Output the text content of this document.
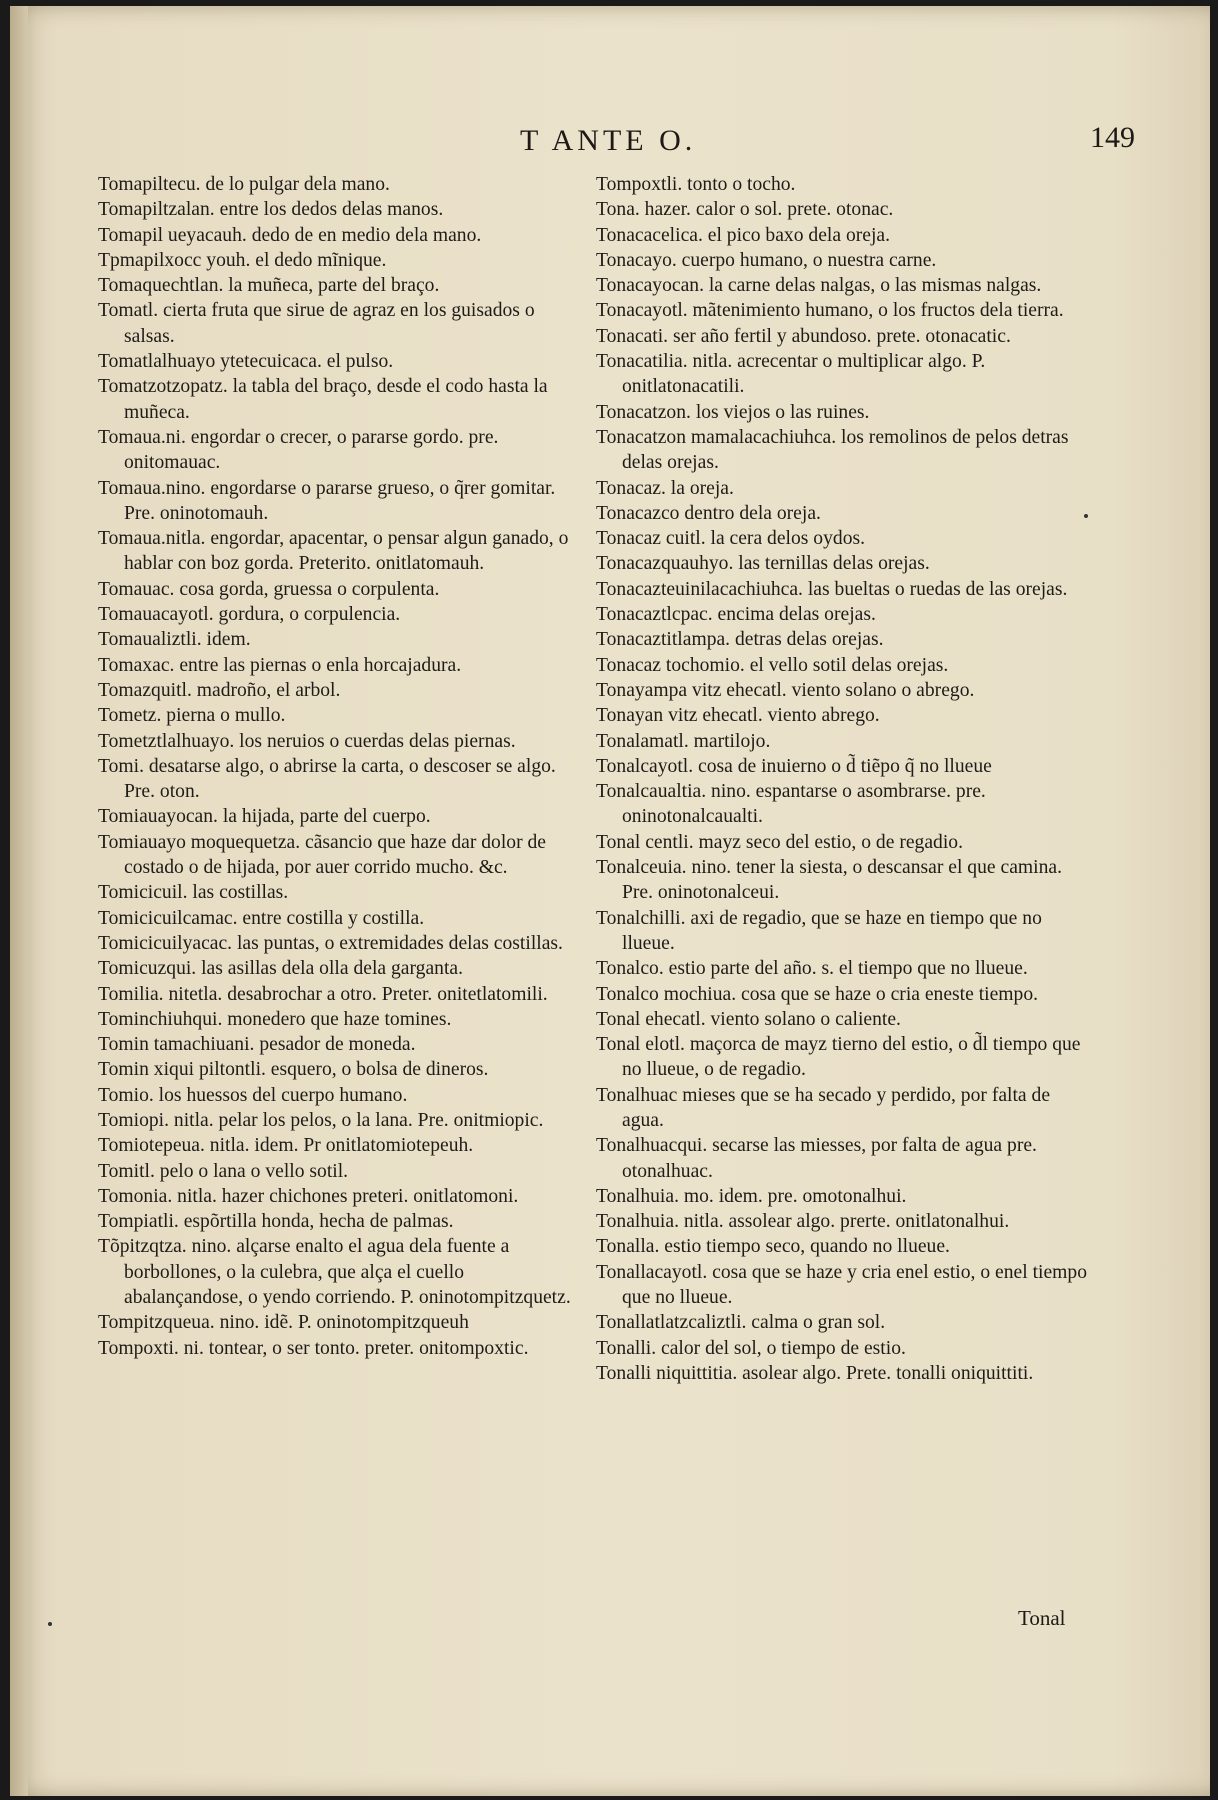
T ANTE O.	149
Tomapiltecu. de lo pulgar dela mano.
Tomapiltzalan. entre los dedos delas manos.
Tomapil ueyacauh. dedo de en medio dela mano.
Tpmapilxocc youh. el dedo mĩnique.
Tomaquechtlan. la muñeca, parte del braço.
Tomatl. cierta fruta que sirue de agraz en los guisados o salsas.
Tomatlalhuayo ytetecuicaca. el pulso.
Tomatzotzopatz. la tabla del braço, desde el codo hasta la muñeca.
Tomaua.ni. engordar o crecer, o pararse gordo. pre. onitomauac.
Tomaua.nino. engordarse o pararse grueso, o q̃rer gomitar. Pre. oninotomauh.
Tomaua.nitla. engordar, apacentar, o pensar algun ganado, o hablar con boz gorda. Preterito. onitlatomauh.
Tomauac. cosa gorda, gruessa o corpulenta.
Tomauacayotl. gordura, o corpulencia.
Tomaualiztli. idem.
Tomaxac. entre las piernas o enla horcajadura.
Tomazquitl. madroño, el arbol.
Tometz. pierna o mullo.
Tometztlalhuayo. los neruios o cuerdas delas piernas.
Tomi. desatarse algo, o abrirse la carta, o descoser se algo. Pre. oton.
Tomiauayocan. la hijada, parte del cuerpo.
Tomiauayo moquequetza. cãsancio que haze dar dolor de costado o de hijada, por auer corrido mucho. &c.
Tomicicuil. las costillas.
Tomicicuilcamac. entre costilla y costilla.
Tomicicuilyacac. las puntas, o extremidades delas costillas.
Tomicuzqui. las asillas dela olla dela garganta.
Tomilia. nitetla. desabrochar a otro. Preter. onitetlatomili.
Tominchiuhqui. monedero que haze tomines.
Tomin tamachiuani. pesador de moneda.
Tomin xiqui piltontli. esquero, o bolsa de dineros.
Tomio. los huessos del cuerpo humano.
Tomiopi. nitla. pelar los pelos, o la lana. Pre. onitmiopic.
Tomiotepeua. nitla. idem. Pr onitlatomiotepeuh.
Tomitl. pelo o lana o vello sotil.
Tomonia. nitla. hazer chichones preteri. onitlatomoni.
Tompiatli. espõrtilla honda, hecha de palmas.
Tõpitzqtza. nino. alçarse enalto el agua dela fuente a borbollones, o la culebra, que alça el cuello abalançandose, o yendo corriendo. P. oninotompitzquetz.
Tompitzqueua. nino. idẽ. P. oninotompitzqueuh
Tompoxti. ni. tontear, o ser tonto. preter. onitompoxtic.
Tompoxtli. tonto o tocho.
Tona. hazer. calor o sol. prete. otonac.
Tonacacelica. el pico baxo dela oreja.
Tonacayo. cuerpo humano, o nuestra carne.
Tonacayocan. la carne delas nalgas, o las mismas nalgas.
Tonacayotl. mãtenimiento humano, o los fructos dela tierra.
Tonacati. ser año fertil y abundoso. prete. otonacatic.
Tonacatilia. nitla. acrecentar o multiplicar algo. P. onitlatonacatili.
Tonacatzon. los viejos o las ruines.
Tonacatzon mamalacachiuhca. los remolinos de pelos detras delas orejas.
Tonacaz. la oreja.
Tonacazco dentro dela oreja.
Tonacaz cuitl. la cera delos oydos.
Tonacazquauhyo. las ternillas delas orejas.
Tonacazteuinilacachiuhca. las bueltas o ruedas de las orejas.
Tonacaztlcpac. encima delas orejas.
Tonacaztitlampa. detras delas orejas.
Tonacaz tochomio. el vello sotil delas orejas.
Tonayampa vitz ehecatl. viento solano o abrego.
Tonayan vitz ehecatl. viento abrego.
Tonalamatl. martilojo.
Tonalcayotl. cosa de inuierno o d̃ tiẽpo q̃ no llueue
Tonalcaualtia. nino. espantarse o asombrarse. pre. oninotonalcaualti.
Tonal centli. mayz seco del estio, o de regadio.
Tonalceuia. nino. tener la siesta, o descansar el que camina. Pre. oninotonalceui.
Tonalchilli. axi de regadio, que se haze en tiempo que no llueue.
Tonalco. estio parte del año. s. el tiempo que no llueue.
Tonalco mochiua. cosa que se haze o cria eneste tiempo.
Tonal ehecatl. viento solano o caliente.
Tonal elotl. maçorca de mayz tierno del estio, o d̃l tiempo que no llueue, o de regadio.
Tonalhuac mieses que se ha secado y perdido, por falta de agua.
Tonalhuacqui. secarse las miesses, por falta de agua pre. otonalhuac.
Tonalhuia. mo. idem. pre. omotonalhui.
Tonalhuia. nitla. assolear algo. prerte. onitlatonalhui.
Tonalla. estio tiempo seco, quando no llueue.
Tonallacayotl. cosa que se haze y cria enel estio, o enel tiempo que no llueue.
Tonallatlatzcaliztli. calma o gran sol.
Tonalli. calor del sol, o tiempo de estio.
Tonalli niquittitia. asolear algo. Prete. tonalli oniquittiti.
Tonal
